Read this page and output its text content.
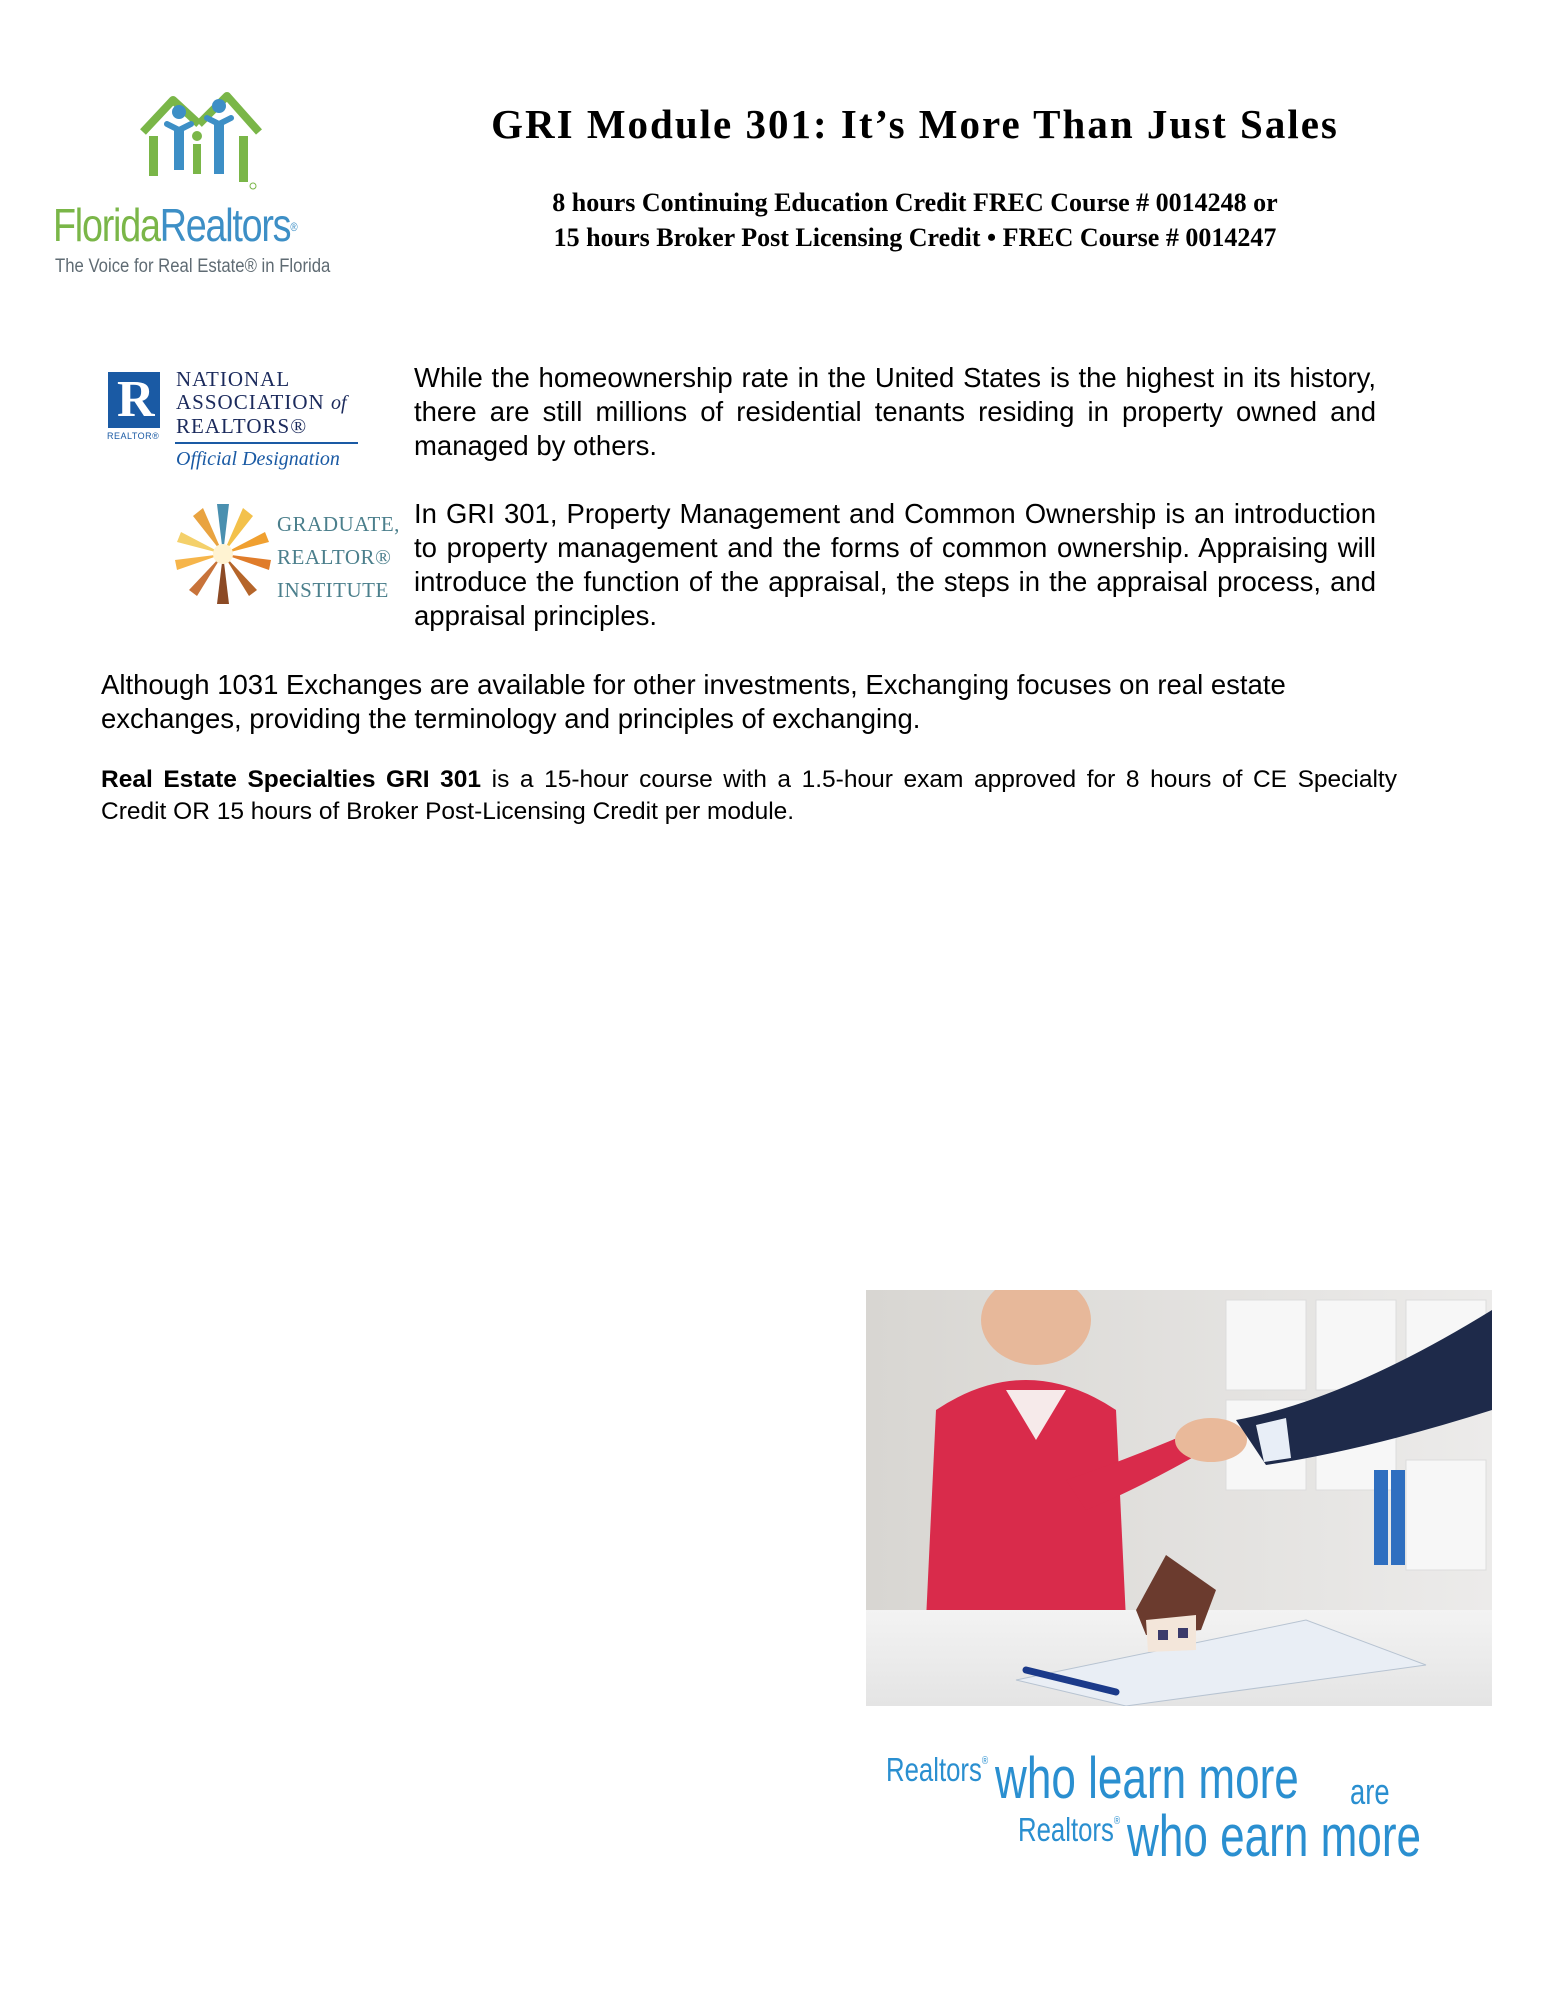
FloridaRealtors®
The Voice for Real Estate® in Florida
GRI Module 301: It’s More Than Just Sales
8 hours Continuing Education Credit FREC Course # 0014248 or
15 hours Broker Post Licensing Credit • FREC Course # 0014247
R
REALTOR®
NATIONAL
ASSOCIATION of
REALTORS®
Official Designation
GRADUATE,
REALTOR®
INSTITUTE
While the homeownership rate in the United States is the highest in its history, there are still millions of residential tenants residing in property owned and managed by others.
In GRI 301, Property Management and Common Ownership is an introduction to property management and the forms of common ownership. Appraising will introduce the function of the appraisal, the steps in the appraisal process, and appraisal principles.
Although 1031 Exchanges are available for other investments, Exchanging focuses on real estate exchanges, providing the terminology and principles of exchanging.
Real Estate Specialties GRI 301 is a 15-hour course with a 1.5-hour exam approved for 8 hours of CE Specialty Credit OR 15 hours of Broker Post-Licensing Credit per module.
Realtors® who learn more are
Realtors® who earn more
